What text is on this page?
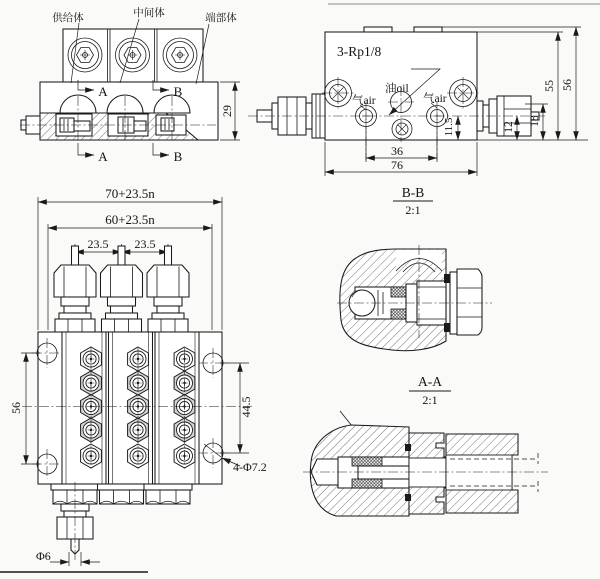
A	B
A	B
29
供给体	中间体	端部体
3-Rp1/8
油oil
气air	气air
36
76
11.5	12
18
55 56
B-B
2:1
70+23.5n
60+23.5n
23.5 23.5
56	44.5
4-Φ7.2
Φ6
A-A
2:1
